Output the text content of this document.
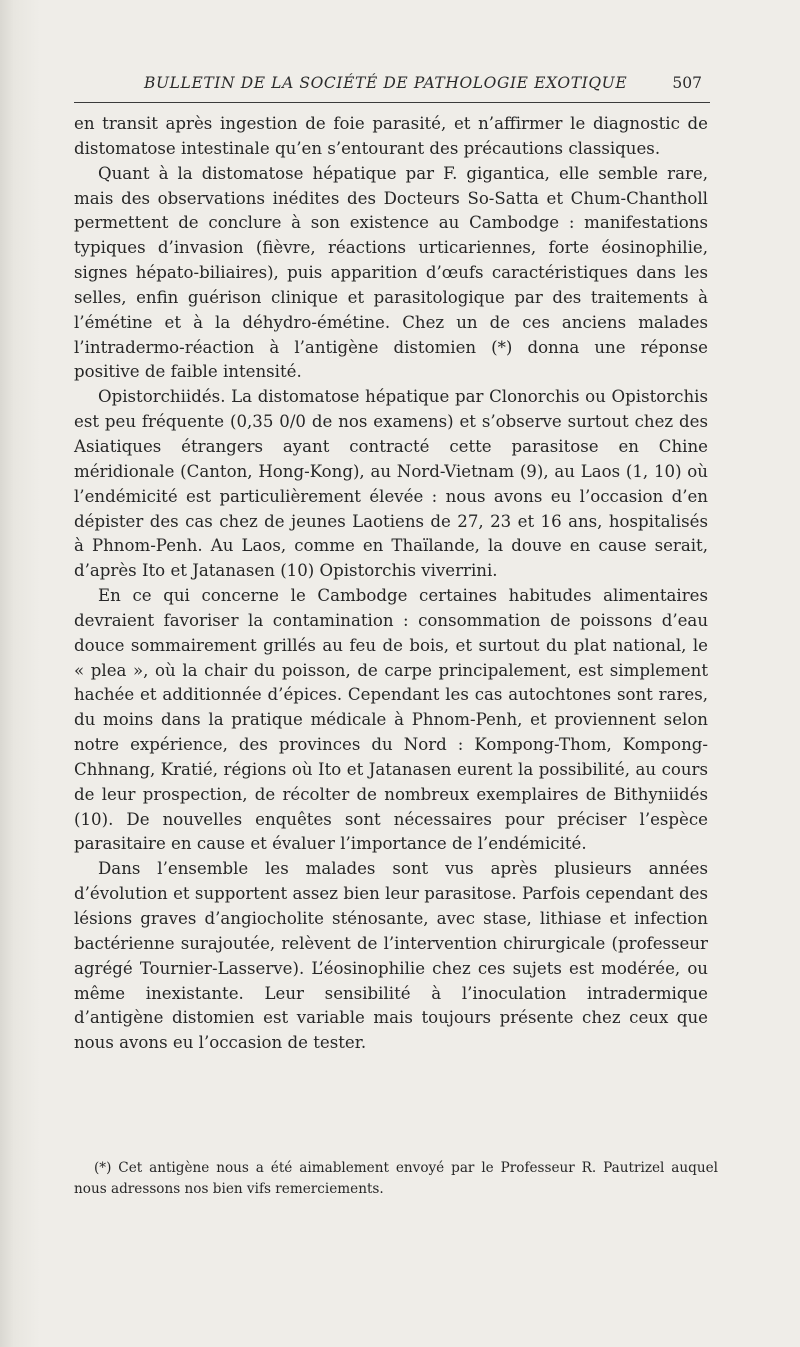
BULLETIN DE LA SOCIÉTÉ DE PATHOLOGIE EXOTIQUE	507

en transit après ingestion de foie parasité, et n’affirmer le diagnostic de distomatose intestinale qu’en s’entourant des précautions classiques.

Quant à la distomatose hépatique par F. gigantica, elle semble rare, mais des observations inédites des Docteurs So-Satta et Chum-Chantholl permettent de conclure à son existence au Cambodge : manifestations typiques d’invasion (fièvre, réactions urticariennes, forte éosinophilie, signes hépato-biliaires), puis apparition d’œufs caractéristiques dans les selles, enfin guérison clinique et parasitologique par des traitements à l’émétine et à la déhydro-émétine. Chez un de ces anciens malades l’intradermo-réaction à l’antigène distomien (*) donna une réponse positive de faible intensité.

Opistorchiidés. La distomatose hépatique par Clonorchis ou Opistorchis est peu fréquente (0,35 0/0 de nos examens) et s’observe surtout chez des Asiatiques étrangers ayant contracté cette parasitose en Chine méridionale (Canton, Hong-Kong), au Nord-Vietnam (9), au Laos (1, 10) où l’endémicité est particulièrement élevée : nous avons eu l’occasion d’en dépister des cas chez de jeunes Laotiens de 27, 23 et 16 ans, hospitalisés à Phnom-Penh. Au Laos, comme en Thaïlande, la douve en cause serait, d’après Ito et Jatanasen (10) Opistorchis viverrini.

En ce qui concerne le Cambodge certaines habitudes alimentaires devraient favoriser la contamination : consommation de poissons d’eau douce sommairement grillés au feu de bois, et surtout du plat national, le « plea », où la chair du poisson, de carpe principalement, est simplement hachée et additionnée d’épices. Cependant les cas autochtones sont rares, du moins dans la pratique médicale à Phnom-Penh, et proviennent selon notre expérience, des provinces du Nord : Kompong-Thom, Kompong-Chhnang, Kratié, régions où Ito et Jatanasen eurent la possibilité, au cours de leur prospection, de récolter de nombreux exemplaires de Bithyniidés (10). De nouvelles enquêtes sont nécessaires pour préciser l’espèce parasitaire en cause et évaluer l’importance de l’endémicité.

Dans l’ensemble les malades sont vus après plusieurs années d’évolution et supportent assez bien leur parasitose. Parfois cependant des lésions graves d’angiocholite sténosante, avec stase, lithiase et infection bactérienne surajoutée, relèvent de l’intervention chirurgicale (professeur agrégé Tournier-Lasserve). L’éosinophilie chez ces sujets est modérée, ou même inexistante. Leur sensibilité à l’inoculation intradermique d’antigène distomien est variable mais toujours présente chez ceux que nous avons eu l’occasion de tester.

(*) Cet antigène nous a été aimablement envoyé par le Professeur R. Pautrizel auquel nous adressons nos bien vifs remerciements.
